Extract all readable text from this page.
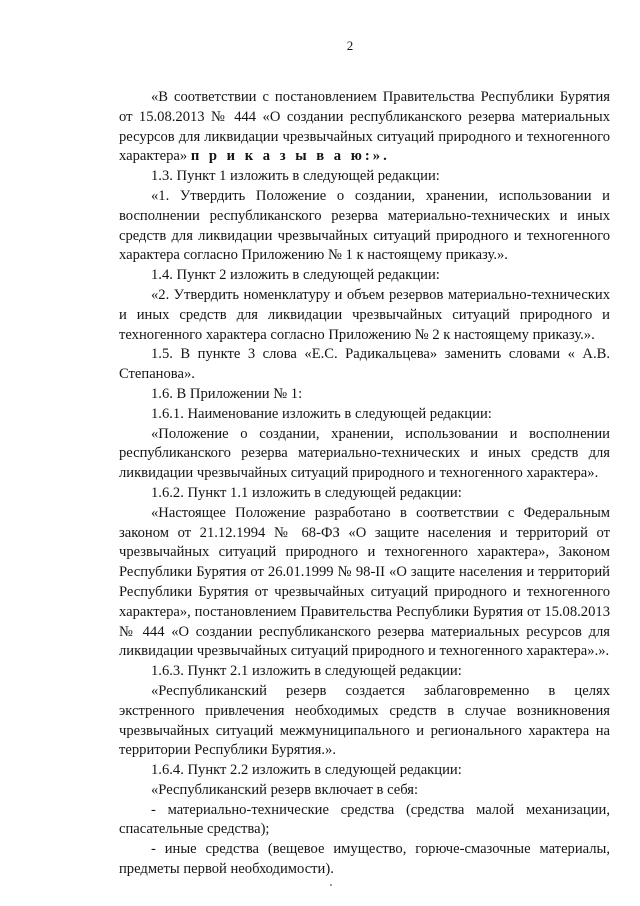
2

«В соответствии с постановлением Правительства Республики Бурятия от 15.08.2013 № 444 «О создании республиканского резерва материальных ресурсов для ликвидации чрезвычайных ситуаций природного и техногенного характера» п р и к а з ы в а ю:».

1.3. Пункт 1 изложить в следующей редакции:

«1. Утвердить Положение о создании, хранении, использовании и восполнении республиканского резерва материально-технических и иных средств для ликвидации чрезвычайных ситуаций природного и техногенного характера согласно Приложению № 1 к настоящему приказу.».

1.4. Пункт 2 изложить в следующей редакции:

«2. Утвердить номенклатуру и объем резервов материально-технических и иных средств для ликвидации чрезвычайных ситуаций природного и техногенного характера согласно Приложению № 2 к настоящему приказу.».

1.5. В пункте 3 слова «Е.С. Радикальцева» заменить словами « А.В. Степанова».

1.6. В Приложении № 1:

1.6.1. Наименование изложить в следующей редакции:

«Положение о создании, хранении, использовании и восполнении республиканского резерва материально-технических и иных средств для ликвидации чрезвычайных ситуаций природного и техногенного характера».

1.6.2. Пункт 1.1 изложить в следующей редакции:

«Настоящее Положение разработано в соответствии с Федеральным законом от 21.12.1994 № 68-ФЗ «О защите населения и территорий от чрезвычайных ситуаций природного и техногенного характера», Законом Республики Бурятия от 26.01.1999 № 98-II «О защите населения и территорий Республики Бурятия от чрезвычайных ситуаций природного и техногенного характера», постановлением Правительства Республики Бурятия от 15.08.2013 № 444 «О создании республиканского резерва материальных ресурсов для ликвидации чрезвычайных ситуаций природного и техногенного характера».».

1.6.3. Пункт 2.1 изложить в следующей редакции:

«Республиканский резерв создается заблаговременно в целях экстренного привлечения необходимых средств в случае возникновения чрезвычайных ситуаций межмуниципального и регионального характера на территории Республики Бурятия.».

1.6.4. Пункт 2.2 изложить в следующей редакции:

«Республиканский резерв включает в себя:

- материально-технические средства (средства малой механизации, спасательные средства);

- иные средства (вещевое имущество, горюче-смазочные материалы, предметы первой необходимости).
